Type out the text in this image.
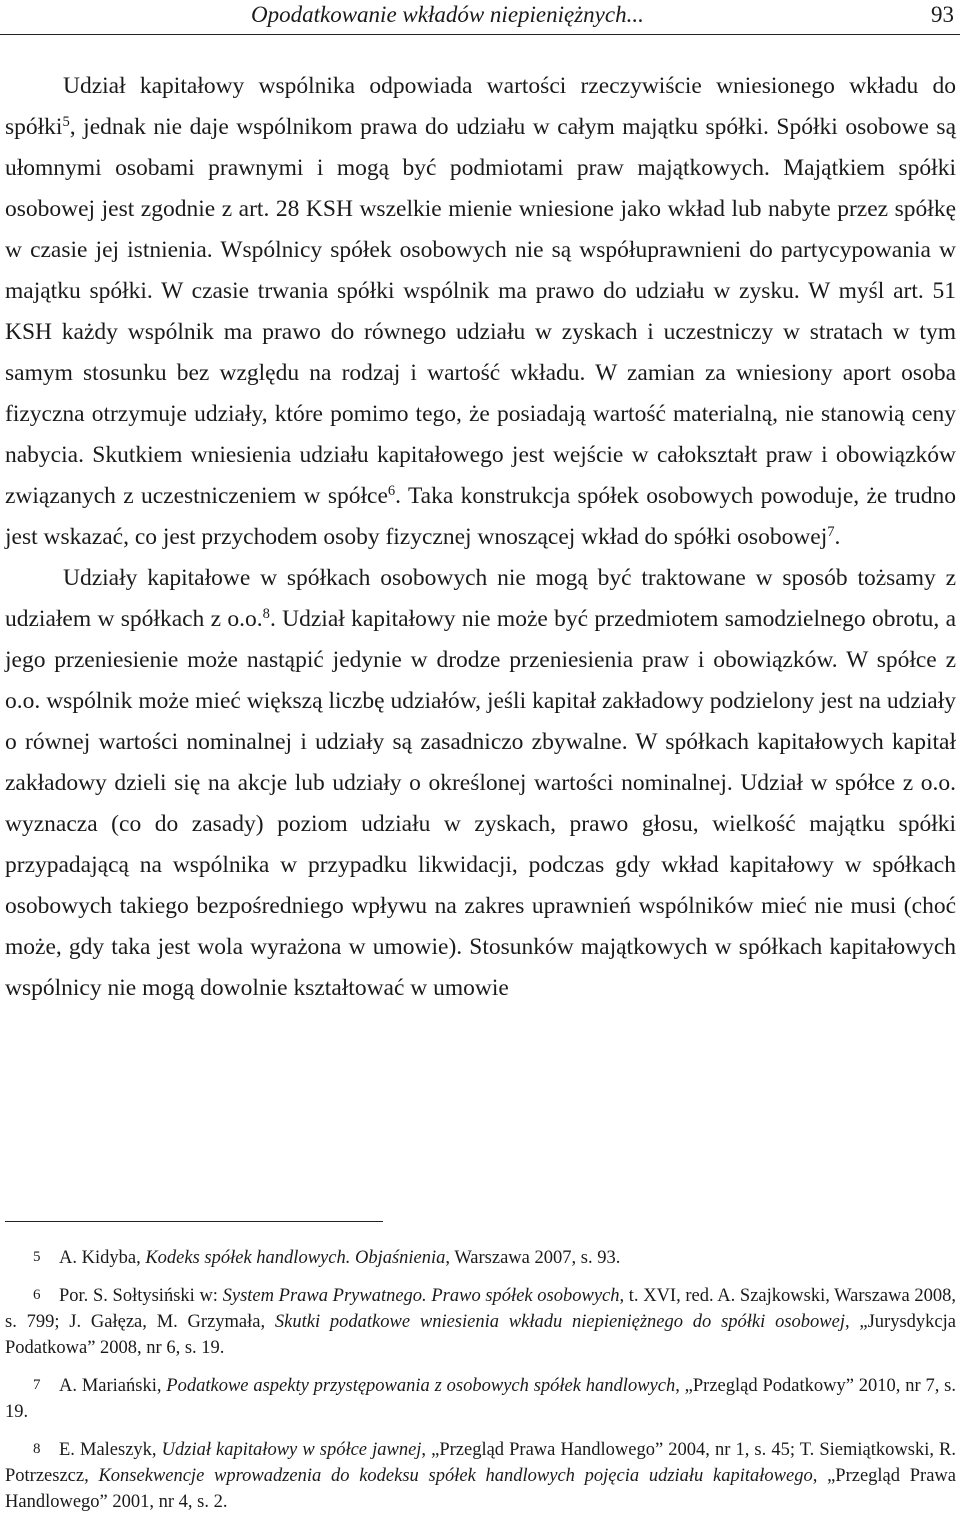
Opodatkowanie wkładów niepieniężnych...	93

Udział kapitałowy wspólnika odpowiada wartości rzeczywiście wniesionego wkładu do spółki$^5$, jednak nie daje wspólnikom prawa do udziału w całym majątku spółki. Spółki osobowe są ułomnymi osobami prawnymi i mogą być podmiotami praw majątkowych. Majątkiem spółki osobowej jest zgodnie z art. 28 KSH wszelkie mienie wniesione jako wkład lub nabyte przez spółkę w czasie jej istnienia. Wspólnicy spółek osobowych nie są współuprawnieni do partycypowania w majątku spółki. W czasie trwania spółki wspólnik ma prawo do udziału w zysku. W myśl art. 51 KSH każdy wspólnik ma prawo do równego udziału w zyskach i uczestniczy w stratach w tym samym stosunku bez względu na rodzaj i wartość wkładu. W zamian za wniesiony aport osoba fizyczna otrzymuje udziały, które pomimo tego, że posiadają wartość materialną, nie stanowią ceny nabycia. Skutkiem wniesienia udziału kapitałowego jest wejście w całokształt praw i obowiązków związanych z uczestniczeniem w spółce$^6$. Taka konstrukcja spółek osobowych powoduje, że trudno jest wskazać, co jest przychodem osoby fizycznej wnoszącej wkład do spółki osobowej$^7$.

Udziały kapitałowe w spółkach osobowych nie mogą być traktowane w sposób tożsamy z udziałem w spółkach z o.o.$^8$. Udział kapitałowy nie może być przedmiotem samodzielnego obrotu, a jego przeniesienie może nastąpić jedynie w drodze przeniesienia praw i obowiązków. W spółce z o.o. wspólnik może mieć większą liczbę udziałów, jeśli kapitał zakładowy podzielony jest na udziały o równej wartości nominalnej i udziały są zasadniczo zbywalne. W spółkach kapitałowych kapitał zakładowy dzieli się na akcje lub udziały o określonej wartości nominalnej. Udział w spółce z o.o. wyznacza (co do zasady) poziom udziału w zyskach, prawo głosu, wielkość majątku spółki przypadającą na wspólnika w przypadku likwidacji, podczas gdy wkład kapitałowy w spółkach osobowych takiego bezpośredniego wpływu na zakres uprawnień wspólników mieć nie musi (choć może, gdy taka jest wola wyrażona w umowie). Stosunków majątkowych w spółkach kapitałowych wspólnicy nie mogą dowolnie kształtować w umowie

5 A. Kidyba, Kodeks spółek handlowych. Objaśnienia, Warszawa 2007, s. 93.

6 Por. S. Sołtysiński w: System Prawa Prywatnego. Prawo spółek osobowych, t. XVI, red. A. Szajkowski, Warszawa 2008, s. 799; J. Gałęza, M. Grzymała, Skutki podatkowe wniesienia wkładu niepieniężnego do spółki osobowej, „Jurysdykcja Podatkowa” 2008, nr 6, s. 19.

7 A. Mariański, Podatkowe aspekty przystępowania z osobowych spółek handlowych, „Przegląd Podatkowy” 2010, nr 7, s. 19.

8 E. Maleszyk, Udział kapitałowy w spółce jawnej, „Przegląd Prawa Handlowego” 2004, nr 1, s. 45; T. Siemiątkowski, R. Potrzeszcz, Konsekwencje wprowadzenia do kodeksu spółek handlowych pojęcia udziału kapitałowego, „Przegląd Prawa Handlowego” 2001, nr 4, s. 2.
